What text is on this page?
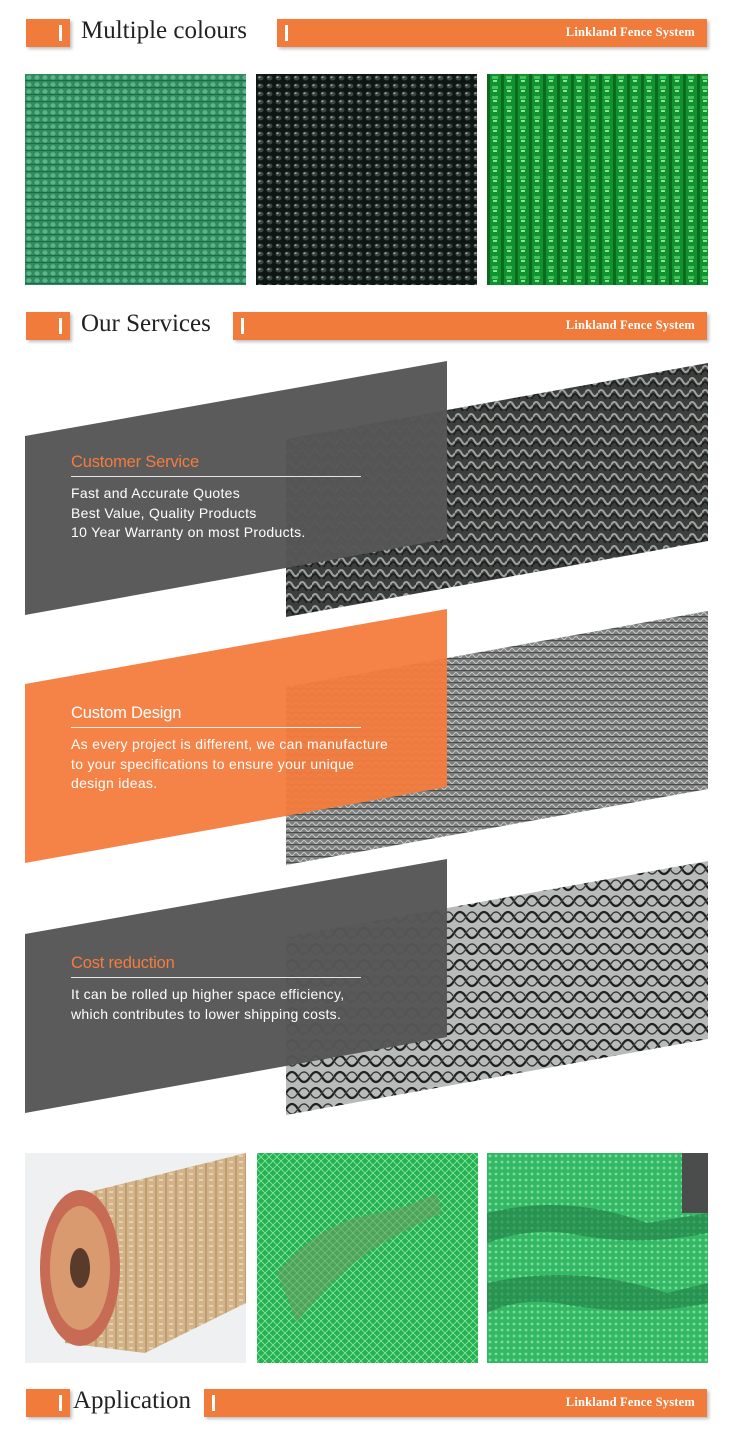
Multiple colours	Linkland Fence System
Our Services	Linkland Fence System
Customer Service
Fast and Accurate Quotes
Best Value, Quality Products
10 Year Warranty on most Products.
Custom Design
As every project is different, we can manufacture
to your specifications to ensure your unique
design ideas.
Cost reduction
It can be rolled up higher space efficiency,
which contributes to lower shipping costs.
Application	Linkland Fence System
